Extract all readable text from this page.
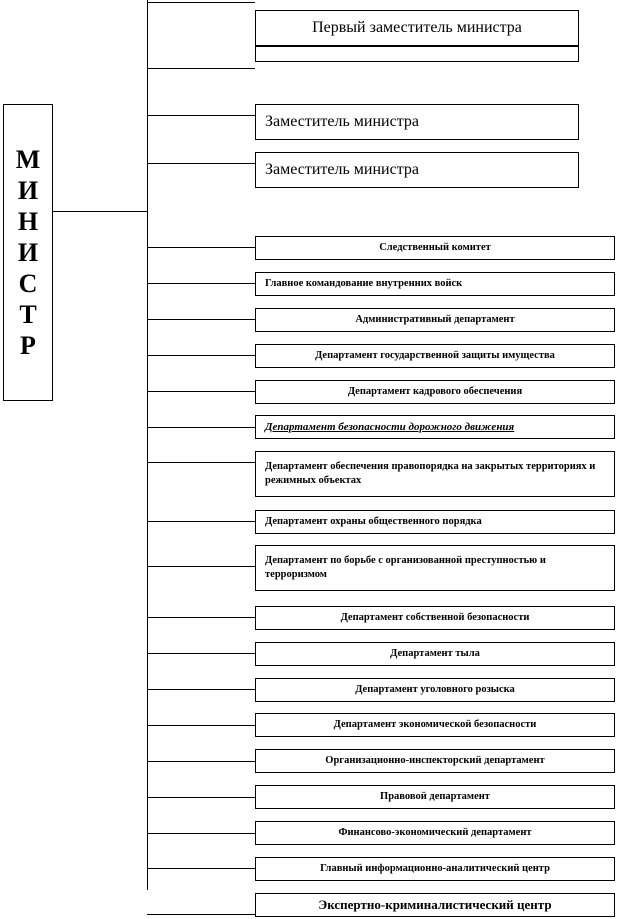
М
И
Н
И
С
Т
Р
Первый заместитель министра
Заместитель министра
Заместитель министра
Следственный комитет
Главное командование внутренних войск
Административный департамент
Департамент государственной защиты имущества
Департамент кадрового обеспечения
Департамент безопасности дорожного движения
Департамент обеспечения правопорядка на закрытых территориях и режимных объектах
Департамент охраны общественного порядка
Департамент по борьбе с организованной преступностью и терроризмом
Департамент собственной безопасности
Департамент тыла
Департамент уголовного розыска
Департамент экономической безопасности
Организационно-инспекторский департамент
Правовой департамент
Финансово-экономический департамент
Главный информационно-аналитический центр
Экспертно-криминалистический центр
